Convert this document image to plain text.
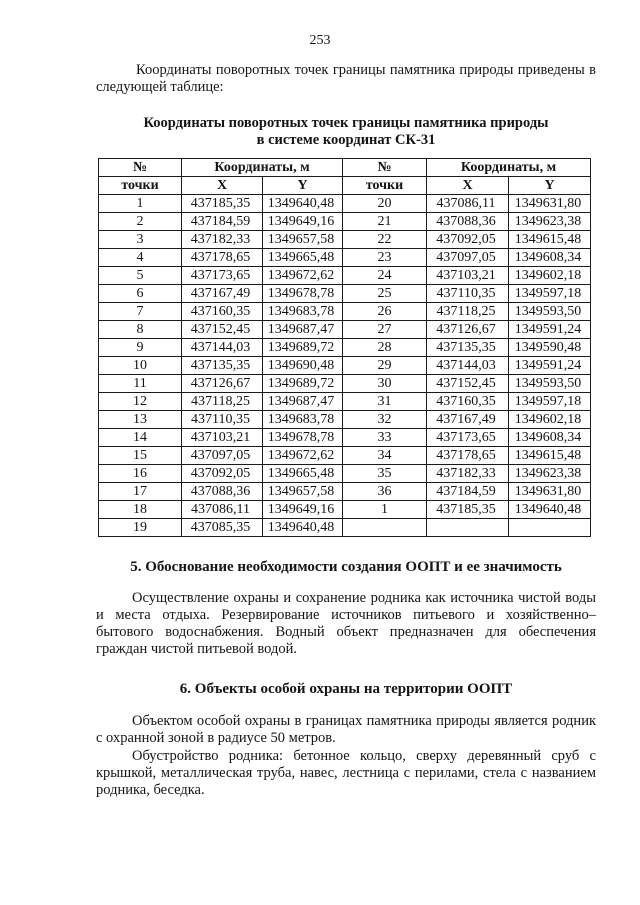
253

Координаты поворотных точек границы памятника природы приведены в следующей таблице:

Координаты поворотных точек границы памятника природы
в системе координат СК-31
№	Координаты, м		№	Координаты, м	
точки	X	Y	точки	X	Y
1	437185,35	1349640,48	20	437086,11	1349631,80
2	437184,59	1349649,16	21	437088,36	1349623,38
3	437182,33	1349657,58	22	437092,05	1349615,48
4	437178,65	1349665,48	23	437097,05	1349608,34
5	437173,65	1349672,62	24	437103,21	1349602,18
6	437167,49	1349678,78	25	437110,35	1349597,18
7	437160,35	1349683,78	26	437118,25	1349593,50
8	437152,45	1349687,47	27	437126,67	1349591,24
9	437144,03	1349689,72	28	437135,35	1349590,48
10	437135,35	1349690,48	29	437144,03	1349591,24
11	437126,67	1349689,72	30	437152,45	1349593,50
12	437118,25	1349687,47	31	437160,35	1349597,18
13	437110,35	1349683,78	32	437167,49	1349602,18
14	437103,21	1349678,78	33	437173,65	1349608,34
15	437097,05	1349672,62	34	437178,65	1349615,48
16	437092,05	1349665,48	35	437182,33	1349623,38
17	437088,36	1349657,58	36	437184,59	1349631,80
18	437086,11	1349649,16	1	437185,35	1349640,48
19	437085,35	1349640,48			
5. Обоснование необходимости создания ООПТ и ее значимость

Осуществление охраны и сохранение родника как источника чистой воды и места отдыха. Резервирование источников питьевого и хозяйственно–бытового водоснабжения. Водный объект предназначен для обеспечения граждан чистой питьевой водой.

6. Объекты особой охраны на территории ООПТ

Объектом особой охраны в границах памятника природы является родник с охранной зоной в радиусе 50 метров.

Обустройство родника: бетонное кольцо, сверху деревянный сруб с крышкой, металлическая труба, навес, лестница с перилами, стела с названием родника, беседка.
